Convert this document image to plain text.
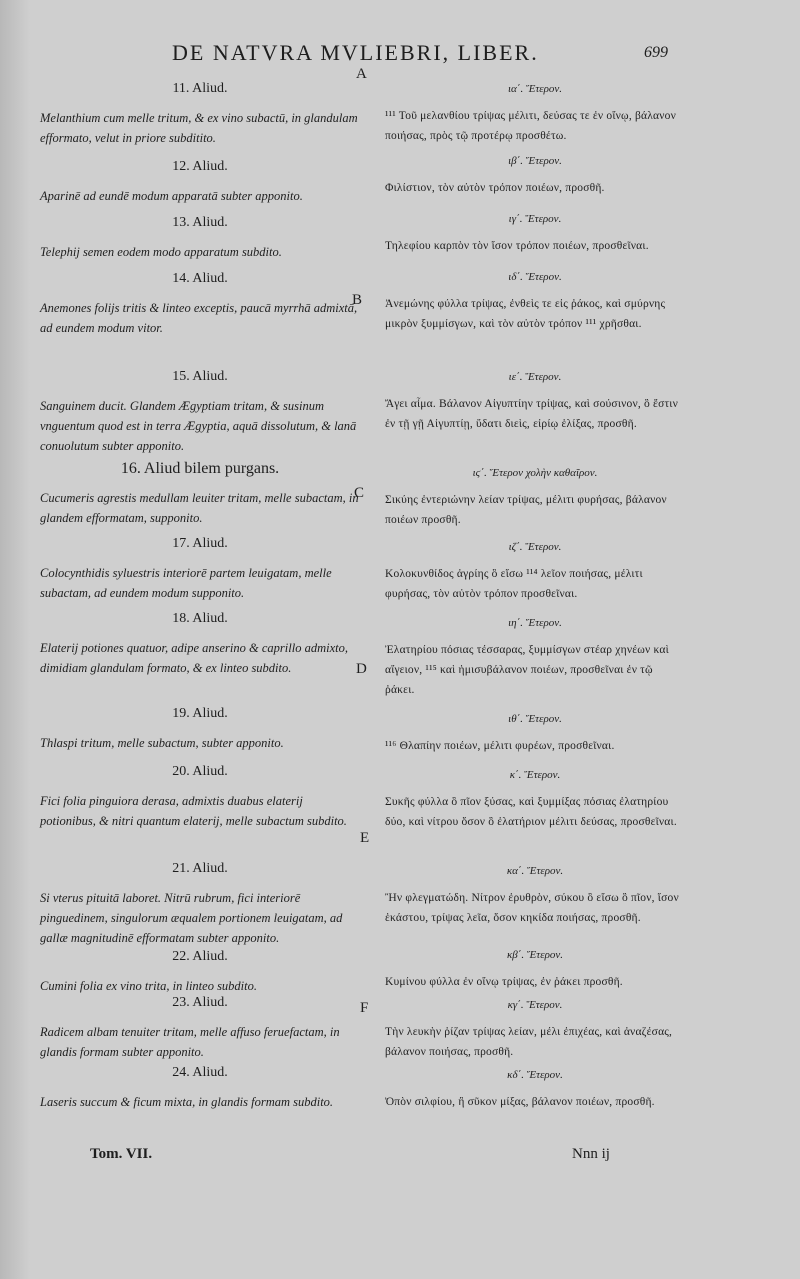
DE NATVRA MVLIEBRI, LIBER.	699
A
B
C
D
E
F
11. Aliud.
Melanthium cum melle tritum, & ex vino subactū, in glandulam efformato, velut in priore subditito.
12. Aliud.
Aparinē ad eundē modum apparatā subter apponito.
13. Aliud.
Telephij semen eodem modo apparatum subdito.
14. Aliud.
Anemones folijs tritis & linteo exceptis, paucā myrrhā admixtā, ad eundem modum vitor.
15. Aliud.
Sanguinem ducit. Glandem Ægyptiam tritam, & susinum vnguentum quod est in terra Ægyptia, aquā dissolutum, & lanā conuolutum subter apponito.
16. Aliud bilem purgans.
Cucumeris agrestis medullam leuiter tritam, melle subactam, in glandem efformatam, supponito.
17. Aliud.
Colocynthidis syluestris interiorē partem leuigatam, melle subactam, ad eundem modum supponito.
18. Aliud.
Elaterij potiones quatuor, adipe anserino & caprillo admixto, dimidiam glandulam formato, & ex linteo subdito.
19. Aliud.
Thlaspi tritum, melle subactum, subter apponito.
20. Aliud.
Fici folia pinguiora derasa, admixtis duabus elaterij potionibus, & nitri quantum elaterij, melle subactum subdito.
21. Aliud.
Si vterus pituitā laboret. Nitrū rubrum, fici interiorē pinguedinem, singulorum æqualem portionem leuigatam, ad gallæ magnitudinē efformatam subter apponito.
22. Aliud.
Cumini folia ex vino trita, in linteo subdito.
23. Aliud.
Radicem albam tenuiter tritam, melle affuso feruefactam, in glandis formam subter apponito.
24. Aliud.
Laseris succum & ficum mixta, in glandis formam subdito.
ια΄. Ἕτερον.
¹¹¹ Τοῦ μελανθίου τρίψας μέλιτι, δεύσας τε ἐν οἴνῳ, βάλανον ποιήσας, πρὸς τῷ προτέρῳ προσθέτω.
ιβ΄. Ἕτερον.
Φιλίστιον, τὸν αὐτὸν τρόπον ποιέων, προσθῆ.
ιγ΄. Ἕτερον.
Τηλεφίου καρπὸν τὸν ἴσον τρόπον ποιέων, προσθεῖναι.
ιδ΄. Ἕτερον.
Ἀνεμώνης φύλλα τρίψας, ἐνθεὶς τε εἰς ῥάκος, καὶ σμύρνης μικρὸν ξυμμίσγων, καὶ τὸν αὐτὸν τρόπον ¹¹¹ χρῆσθαι.
ιε΄. Ἕτερον.
Ἄγει αἷμα. Βάλανον Αἰγυπτίην τρίψας, καὶ σούσινον, ὃ ἔστιν ἐν τῇ γῇ Αἰγυπτίῃ, ὕδατι διεὶς, εἰρίῳ ἑλίξας, προσθῆ.
ιϛ΄. Ἕτερον χολὴν καθαῖρον.
Σικύης ἐντεριώνην λείαν τρίψας, μέλιτι φυρήσας, βάλανον ποιέων προσθῆ.
ιζ΄. Ἕτερον.
Κολοκυνθίδος ἀγρίης ὃ εἴσω ¹¹⁴ λεῖον ποιήσας, μέλιτι φυρήσας, τὸν αὐτὸν τρόπον προσθεῖναι.
ιη΄. Ἕτερον.
Ἐλατηρίου πόσιας τέσσαρας, ξυμμίσγων στέαρ χηνέων καὶ αἴγειον, ¹¹⁵ καὶ ἡμισυβάλανον ποιέων, προσθεῖναι ἐν τῷ ῥάκει.
ιθ΄. Ἕτερον.
¹¹⁶ Θλαπίην ποιέων, μέλιτι φυρέων, προσθεῖναι.
κ΄. Ἕτερον.
Συκῆς φύλλα ὃ πῖον ξύσας, καὶ ξυμμίξας πόσιας ἐλατηρίου δύο, καὶ νίτρου ὅσον ὃ ἐλατήριον μέλιτι δεύσας, προσθεῖναι.
κα΄. Ἕτερον.
Ἢν φλεγματώδη. Νίτρον ἐρυθρὸν, σύκου ὃ εἴσω ὃ πῖον, ἴσον ἑκάστου, τρίψας λεῖα, ὅσον κηκίδα ποιήσας, προσθῆ.
κβ΄. Ἕτερον.
Κυμίνου φύλλα ἐν οἴνῳ τρίψας, ἐν ῥάκει προσθῆ.
κγ΄. Ἕτερον.
Τὴν λευκὴν ῥίζαν τρίψας λείαν, μέλι ἐπιχέας, καὶ ἀναζέσας, βάλανον ποιήσας, προσθῆ.
κδ΄. Ἕτερον.
Ὀπὸν σιλφίου, ἢ σῦκον μίξας, βάλανον ποιέων, προσθῆ.
Tom. VII.	Nnn ij
